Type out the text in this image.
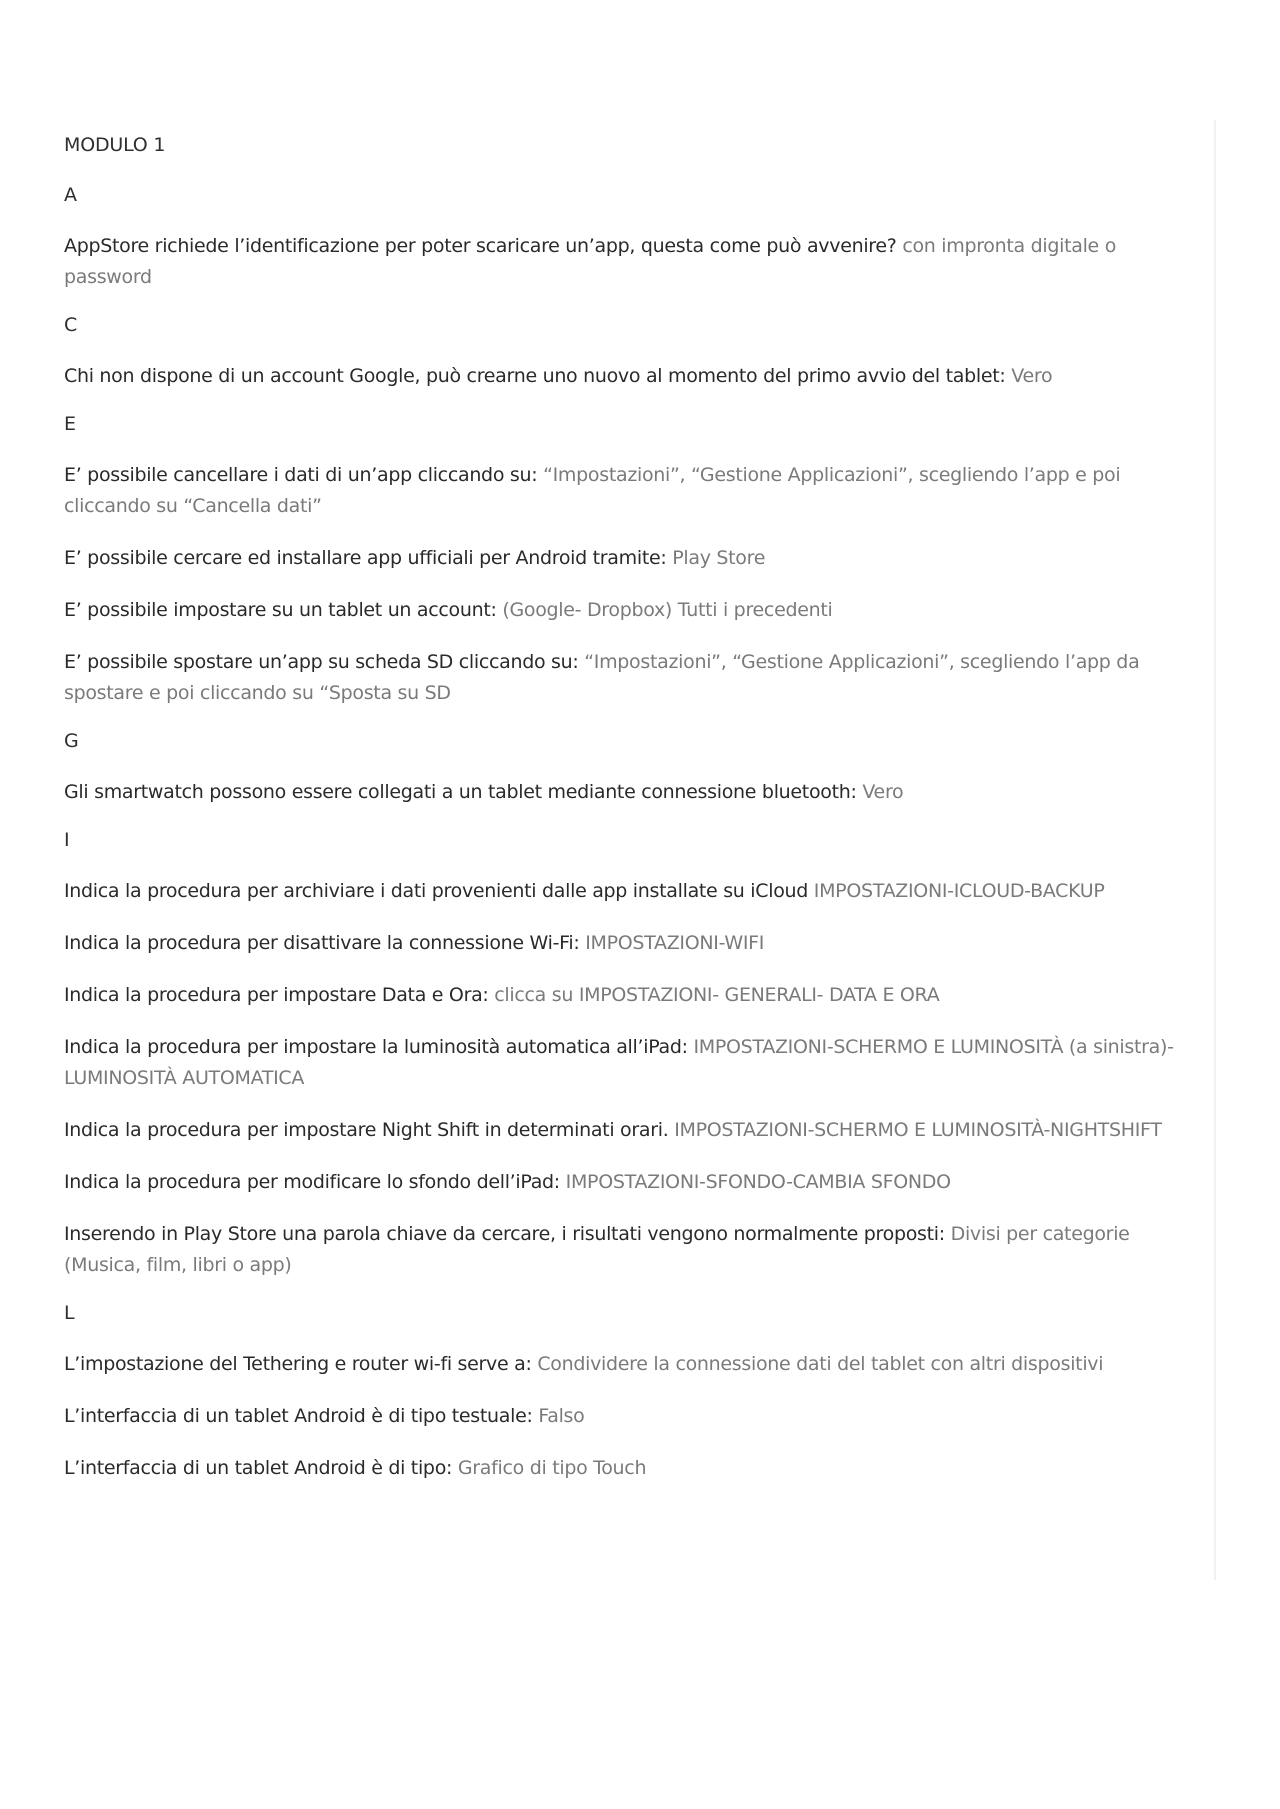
MODULO 1
A
AppStore richiede l’identificazione per poter scaricare un’app, questa come può avvenire? con impronta digitale o password
C
Chi non dispone di un account Google, può crearne uno nuovo al momento del primo avvio del tablet: Vero
E
E’ possibile cancellare i dati di un’app cliccando su: “Impostazioni”, “Gestione Applicazioni”, scegliendo l’app e poi cliccando su “Cancella dati”
E’ possibile cercare ed installare app ufficiali per Android tramite: Play Store
E’ possibile impostare su un tablet un account: (Google- Dropbox) Tutti i precedenti
E’ possibile spostare un’app su scheda SD cliccando su: “Impostazioni”, “Gestione Applicazioni”, scegliendo l’app da spostare e poi cliccando su “Sposta su SD
G
Gli smartwatch possono essere collegati a un tablet mediante connessione bluetooth: Vero
I
Indica la procedura per archiviare i dati provenienti dalle app installate su iCloud IMPOSTAZIONI-ICLOUD-BACKUP
Indica la procedura per disattivare la connessione Wi-Fi: IMPOSTAZIONI-WIFI
Indica la procedura per impostare Data e Ora: clicca su IMPOSTAZIONI- GENERALI- DATA E ORA
Indica la procedura per impostare la luminosità automatica all’iPad: IMPOSTAZIONI-SCHERMO E LUMINOSITÀ (a sinistra)-LUMINOSITÀ AUTOMATICA
Indica la procedura per impostare Night Shift in determinati orari. IMPOSTAZIONI-SCHERMO E LUMINOSITÀ-NIGHTSHIFT
Indica la procedura per modificare lo sfondo dell’iPad: IMPOSTAZIONI-SFONDO-CAMBIA SFONDO
Inserendo in Play Store una parola chiave da cercare, i risultati vengono normalmente proposti: Divisi per categorie (Musica, film, libri o app)
L
L’impostazione del Tethering e router wi-fi serve a: Condividere la connessione dati del tablet con altri dispositivi
L’interfaccia di un tablet Android è di tipo testuale: Falso
L’interfaccia di un tablet Android è di tipo: Grafico di tipo Touch
